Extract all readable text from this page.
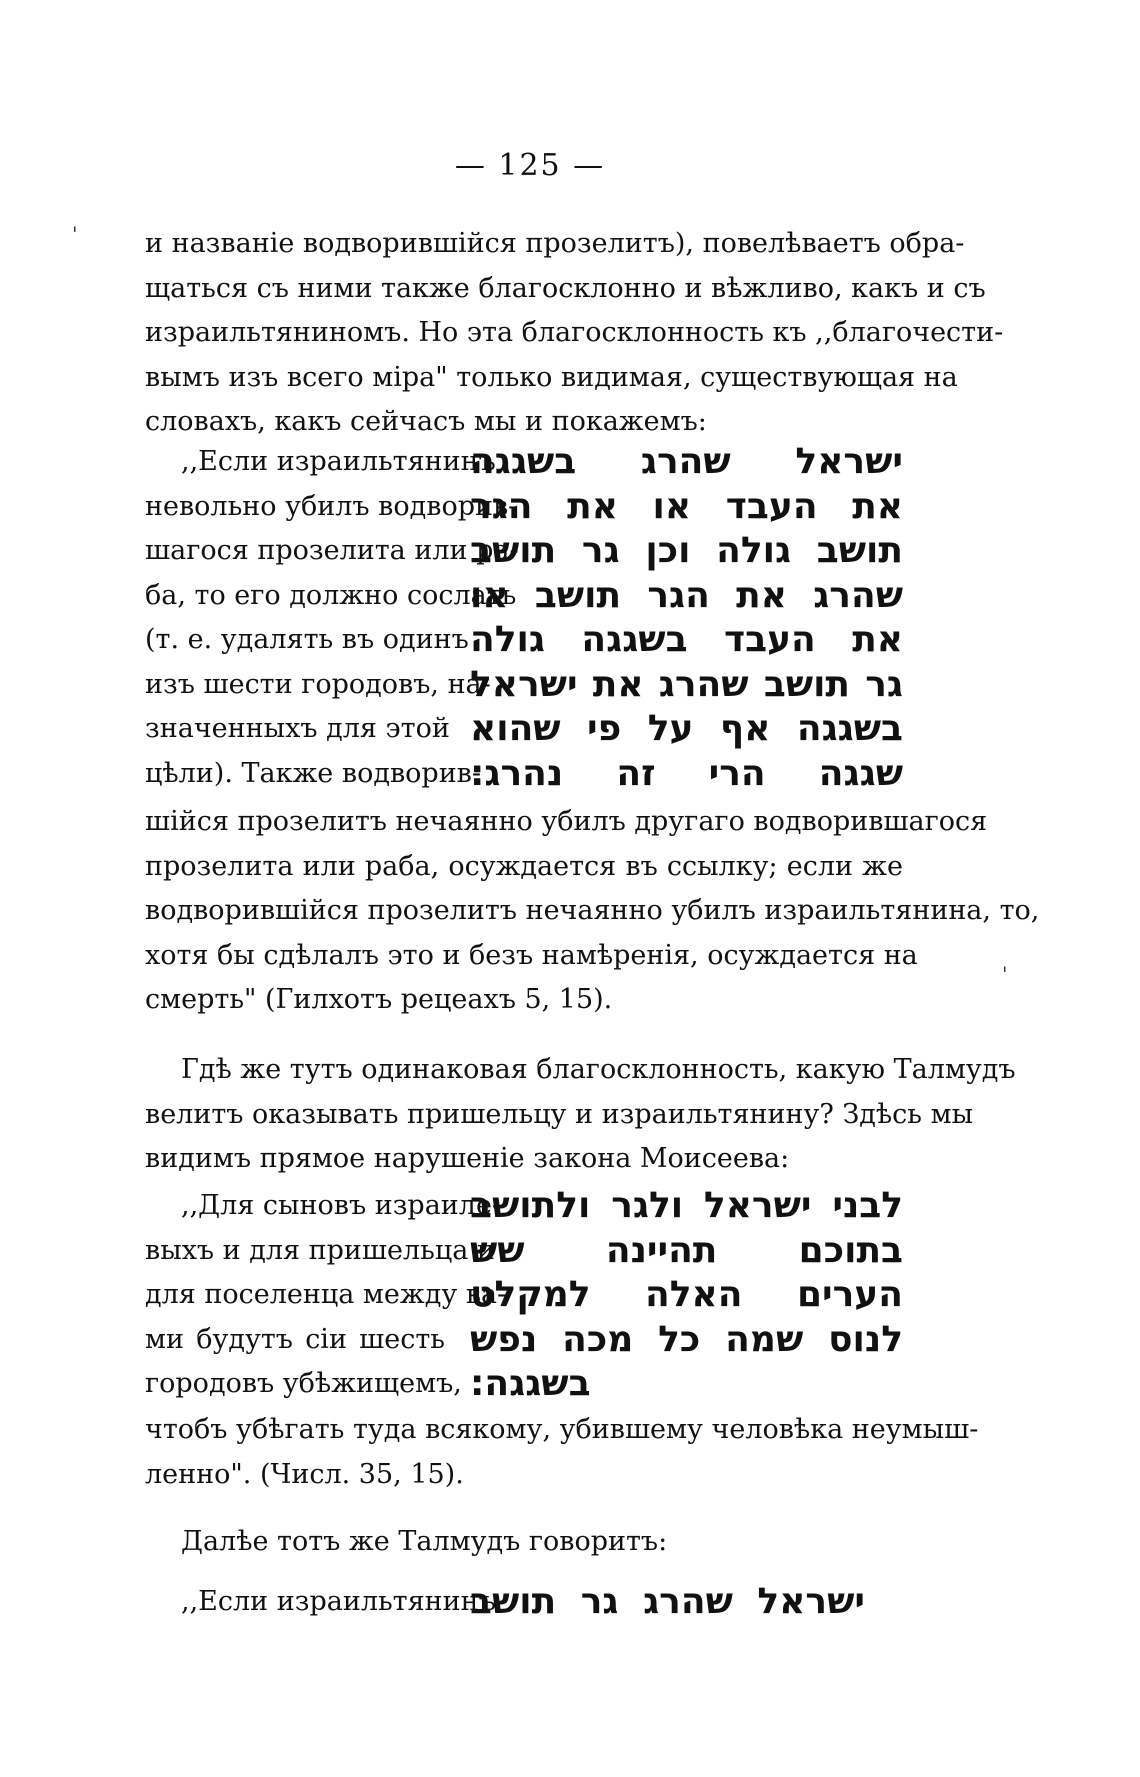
'
'
— 125 —
и названіе водворившійся прозелитъ), повелѣваетъ обра-
щаться съ ними также благосклонно и вѣжливо, какъ и съ
израильтяниномъ. Но эта благосклонность къ ,,благочести-
вымъ изъ всего міра" только видимая, существующая на
словахъ, какъ сейчасъ мы и покажемъ:
,,Если израильтянинъ
невольно убилъ водворив-
шагося прозелита или ра-
ба, то его должно сослать
(т. е. удалять въ одинъ
изъ шести городовъ, на-
значенныхъ для этой
цѣли). Также водворив-
ישראל שהרג בשגגה
את העבד או את הגר
תושב גולה וכן גר תושב
שהרג את הגר תושב או
את העבד בשגגה גולה
גר תושב שהרג את ישראל
בשגגה אף על פי שהוא
שגגה הרי זה נהרג:
шійся прозелитъ нечаянно убилъ другаго водворившагося
прозелита или раба, осуждается въ ссылку; если же
водворившійся прозелитъ нечаянно убилъ израильтянина, то,
хотя бы сдѣлалъ это и безъ намѣренія, осуждается на
смерть" (Гилхотъ рецеахъ 5, 15).
Гдѣ же тутъ одинаковая благосклонность, какую Талмудъ
велитъ оказывать пришельцу и израильтянину? Здѣсь мы
видимъ прямое нарушеніе закона Моисеева:
,,Для сыновъ израиле-
выхъ и для пришельца и
для поселенца между ва-
ми будутъ сіи шесть
городовъ убѣжищемъ,
לבני ישראל ולגר ולתושב
בתוכם תהיינה שש
הערים האלה למקלט
לנוס שמה כל מכה נפש
בשגגה:
чтобъ убѣгать туда всякому, убившему человѣка неумыш-
ленно". (Числ. 35, 15).
Далѣе тотъ же Талмудъ говоритъ:
,,Если израильтянинъ
ישראל שהרג גר תושב
